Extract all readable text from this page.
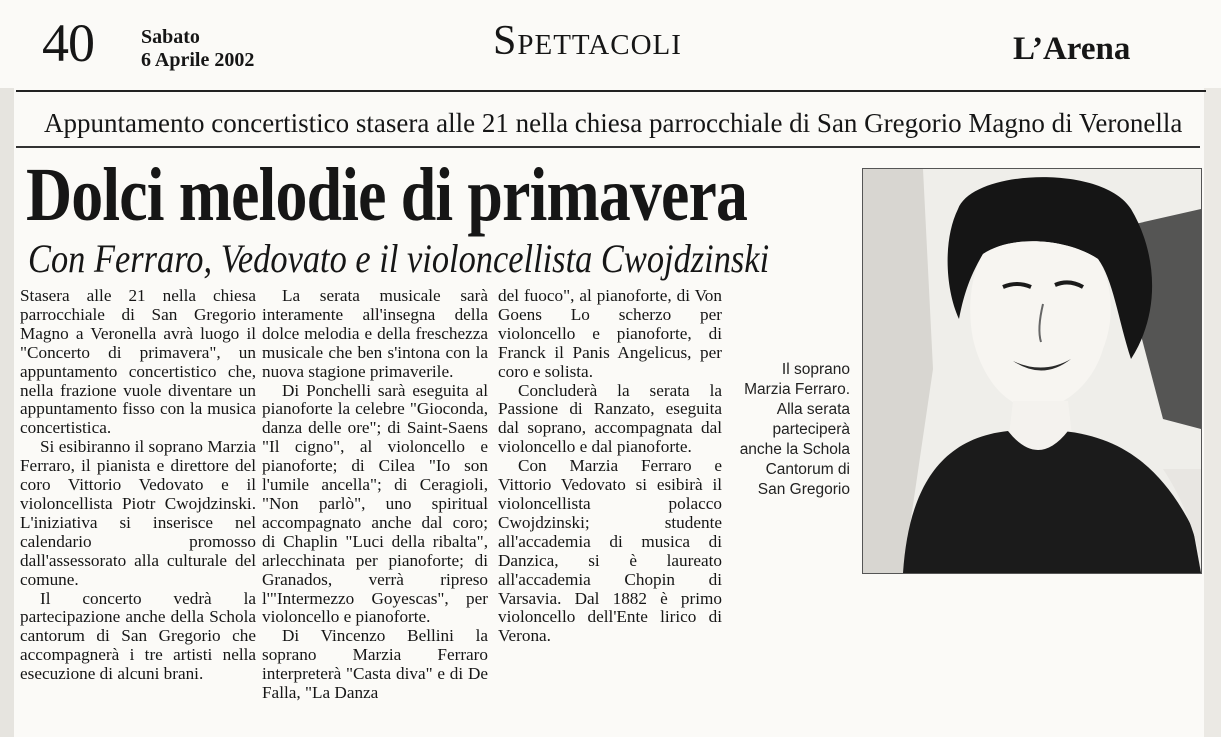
40 Sabato
6 Aprile 2002	Spettacoli	L’Arena
Appuntamento concertistico stasera alle 21 nella chiesa parrocchiale di San Gregorio Magno di Veronella
Dolci melodie di primavera
Con Ferraro, Vedovato e il violoncellista Cwojdzinski

Stasera alle 21 nella chiesa parrocchiale di San Gregorio Magno a Veronella avrà luogo il "Concerto di primavera", un appuntamento concertistico che, nella frazione vuole diventare un appuntamento fisso con la musica concertistica.

Si esibiranno il soprano Marzia Ferraro, il pianista e direttore del coro Vittorio Vedovato e il violoncellista Piotr Cwojdzinski. L'iniziativa si inserisce nel calendario promosso dall'assessorato alla culturale del comune.

Il concerto vedrà la partecipazione anche della Schola cantorum di San Gregorio che accompagnerà i tre artisti nella esecuzione di alcuni brani.

La serata musicale sarà interamente all'insegna della dolce melodia e della freschezza musicale che ben s'intona con la nuova stagione primaverile.

Di Ponchelli sarà eseguita al pianoforte la celebre "Gioconda, danza delle ore"; di Saint-Saens "Il cigno", al violoncello e pianoforte; di Cilea "Io son l'umile ancella"; di Ceragioli, "Non parlò", uno spiritual accompagnato anche dal coro; di Chaplin "Luci della ribalta", arlecchinata per pianoforte; di Granados, verrà ripreso l'"Intermezzo Goyescas", per violoncello e pianoforte.

Di Vincenzo Bellini la soprano Marzia Ferraro interpreterà "Casta diva" e di De Falla, "La Danza

del fuoco", al pianoforte, di Von Goens Lo scherzo per violoncello e pianoforte, di Franck il Panis Angelicus, per coro e solista.

Concluderà la serata la Passione di Ranzato, eseguita dal soprano, accompagnata dal violoncello e dal pianoforte.

Con Marzia Ferraro e Vittorio Vedovato si esibirà il violoncellista polacco Cwojdzinski; studente all'accademia di musica di Danzica, si è laureato all'accademia Chopin di Varsavia. Dal 1882 è primo violoncello dell'Ente lirico di Verona.

Il soprano Marzia Ferraro. Alla serata parteciperà anche la Schola Cantorum di San Gregorio
